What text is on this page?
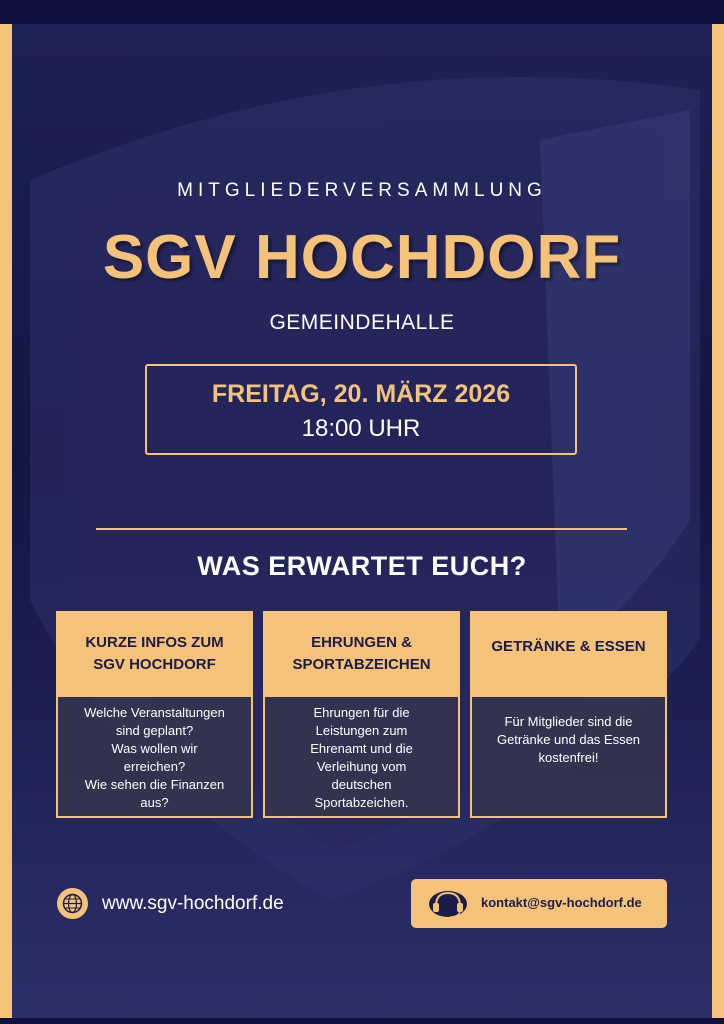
MITGLIEDERVERSAMMLUNG
SGV HOCHDORF
GEMEINDEHALLE
FREITAG, 20. MÄRZ 2026
18:00 UHR
WAS ERWARTET EUCH?
KURZE INFOS ZUM
SGV HOCHDORF
Welche Veranstaltungen
sind geplant?
Was wollen wir
erreichen?
Wie sehen die Finanzen
aus?
EHRUNGEN &
SPORTABZEICHEN
Ehrungen für die
Leistungen zum
Ehrenamt und die
Verleihung vom
deutschen
Sportabzeichen.
GETRÄNKE & ESSEN
Für Mitglieder sind die
Getränke und das Essen
kostenfrei!
www.sgv-hochdorf.de	kontakt@sgv-hochdorf.de
